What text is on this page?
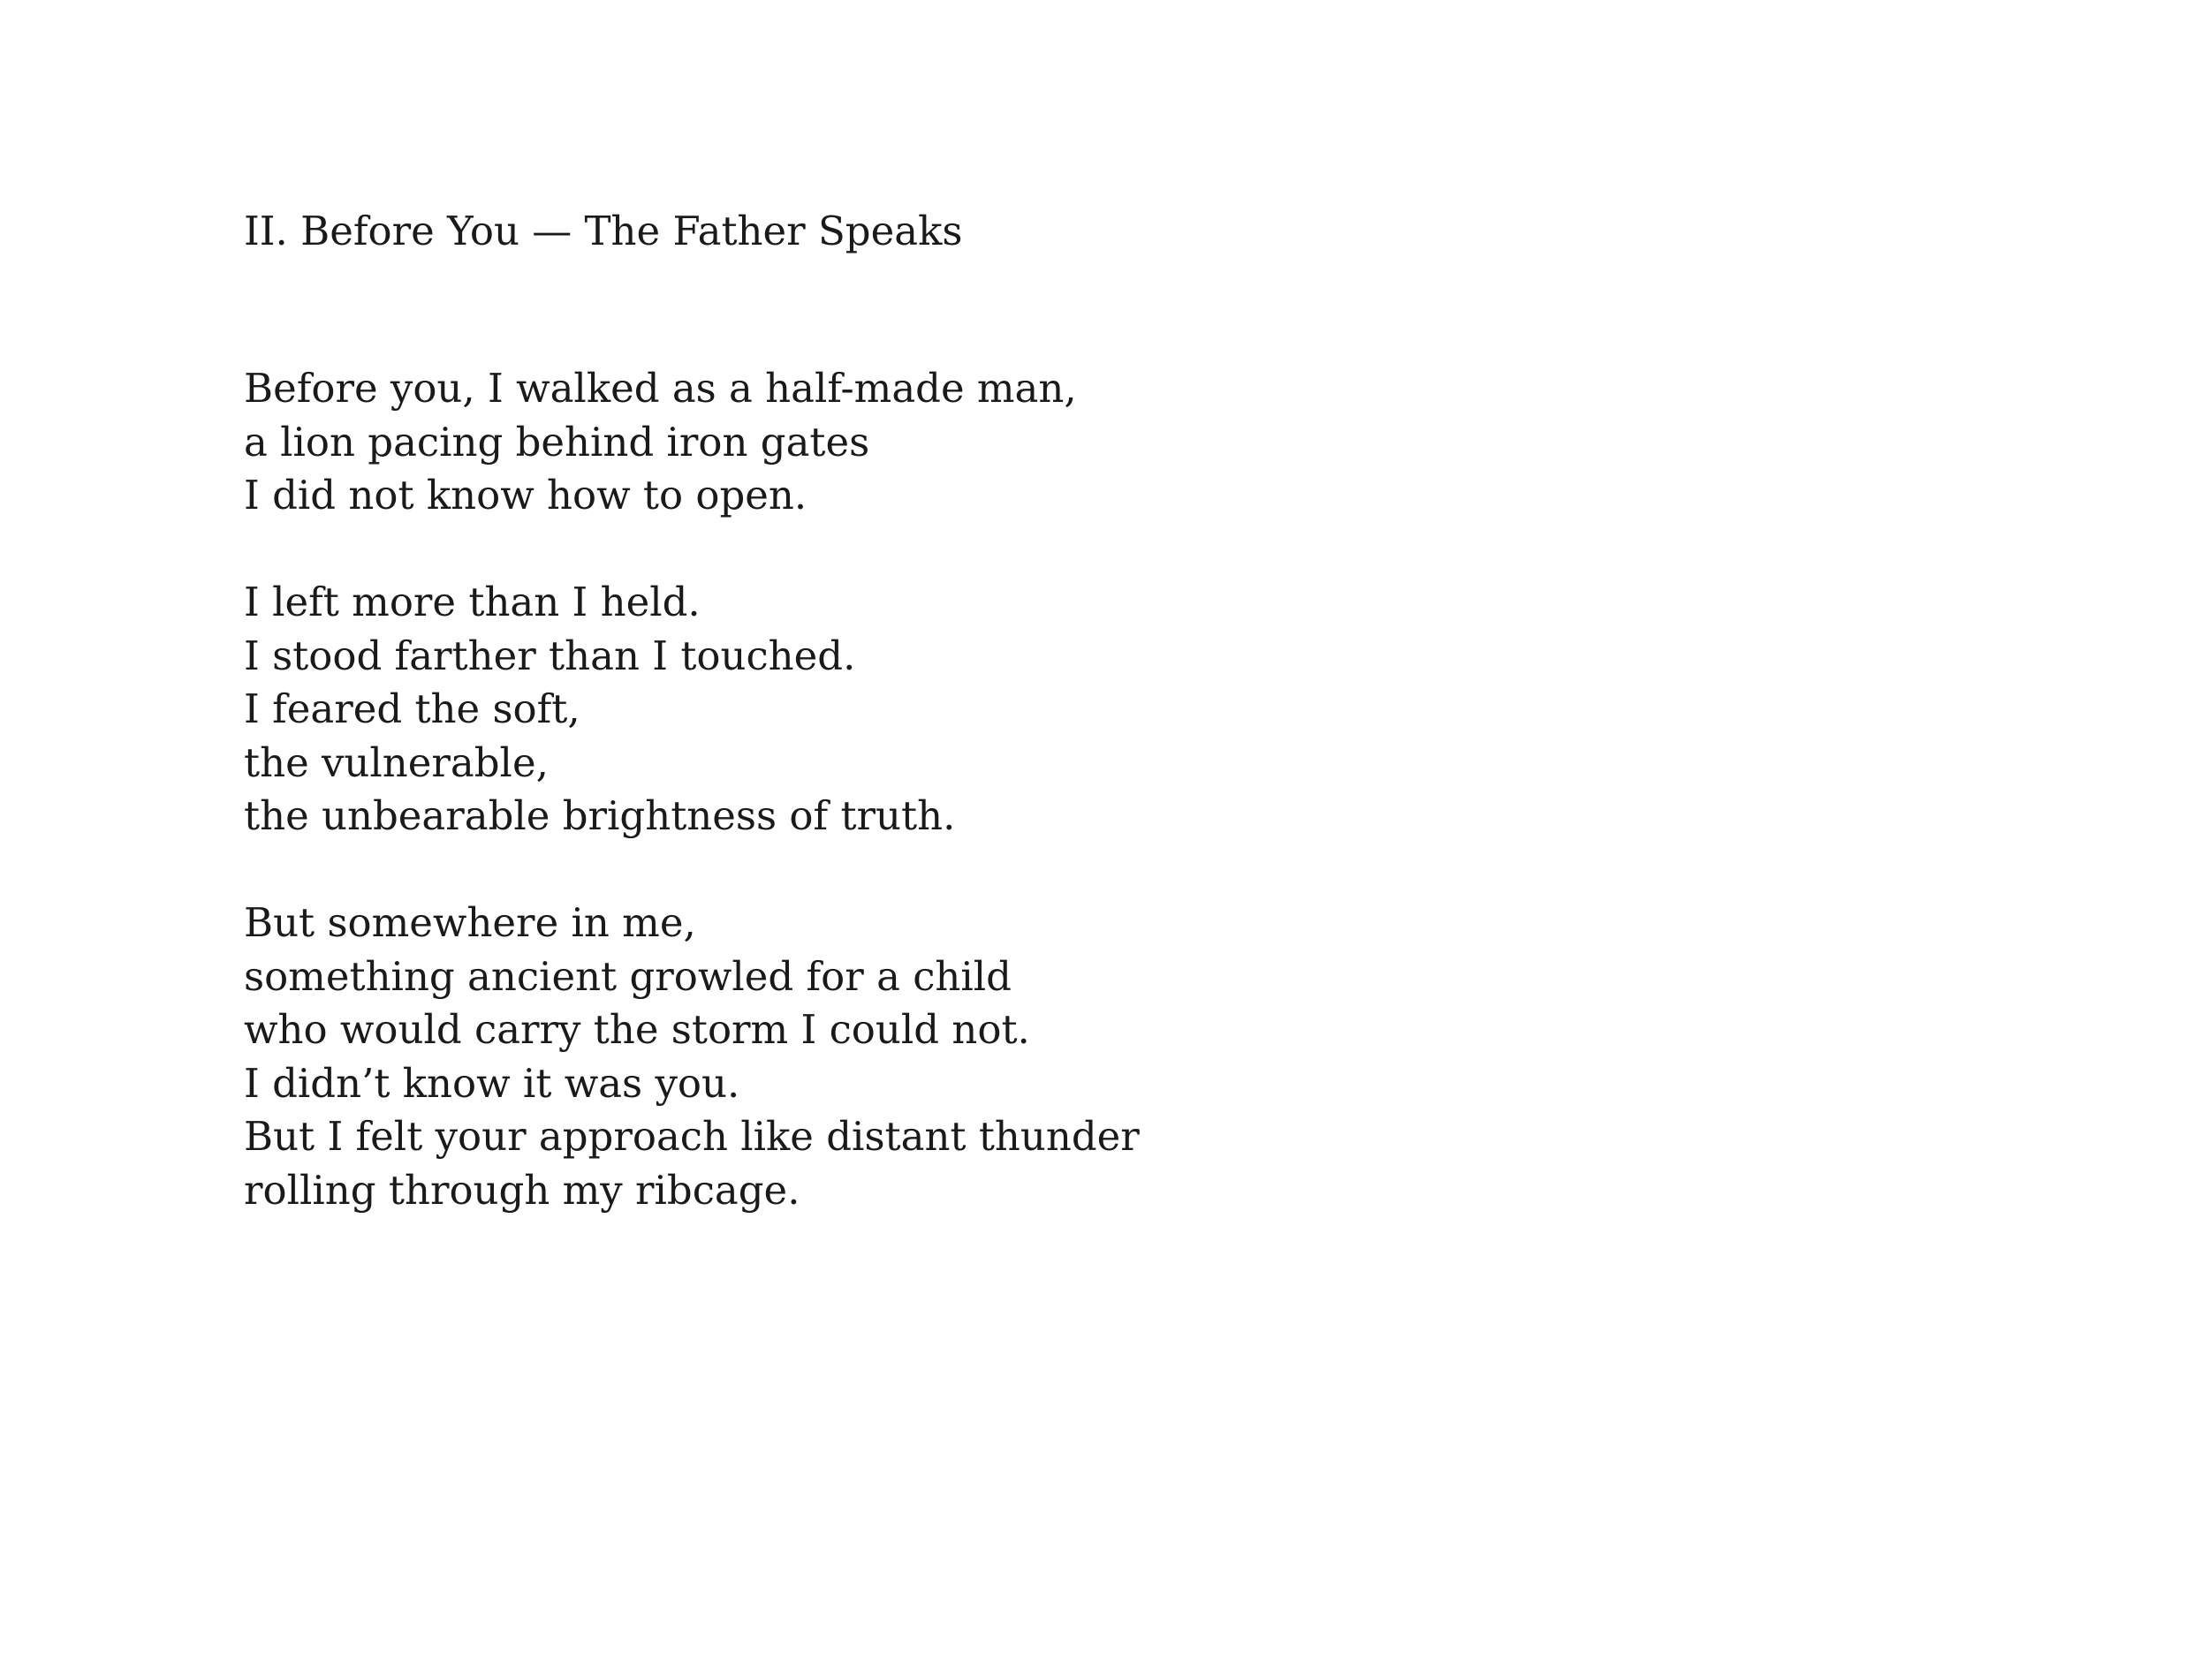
II. Before You — The Father Speaks

Before you, I walked as a half-made man,
a lion pacing behind iron gates
I did not know how to open.

I left more than I held.
I stood farther than I touched.
I feared the soft,
the vulnerable,
the unbearable brightness of truth.

But somewhere in me,
something ancient growled for a child
who would carry the storm I could not.
I didn’t know it was you.
But I felt your approach like distant thunder
rolling through my ribcage.
